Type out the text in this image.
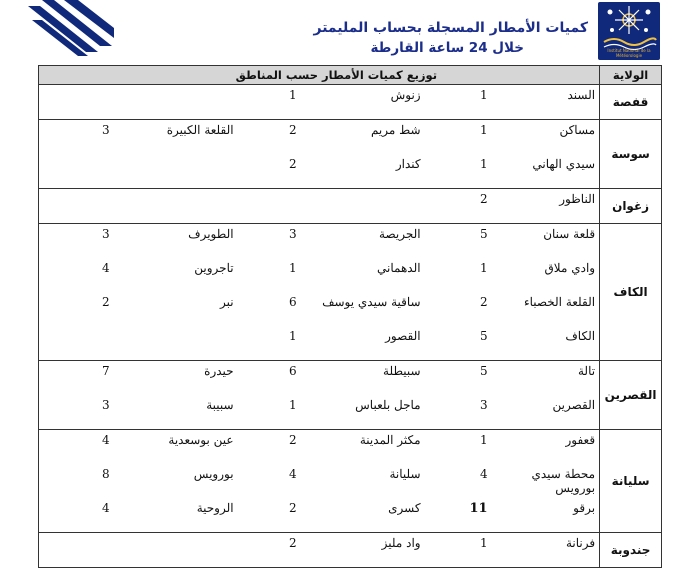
Institut National de la Météorologie
كميات الأمطار المسجلة بحساب المليمتر
خلال 24 ساعة القارطة
الولاية	توزيع كميات الأمطار حسب المناطق					
قفصة	السند	1	زنوش	1		
سوسة	مساكن	1	شط مريم	2	القلعة الكبيرة	3
	سيدي الهاني	1	كندار	2		
زغوان	الناظور	2				
الكاف	قلعة سنان	5	الجريصة	3	الطويرف	3
	وادي ملاق	1	الدهماني	1	تاجروين	4
	القلعة الخصباء	2	ساقية سيدي يوسف	6	نبر	2
	الكاف	5	القصور	1		
القصرين	تالة	5	سبيطلة	6	حيدرة	7
	القصرين	3	ماجل بلعباس	1	سبيبة	3
سليانة	قعفور	1	مكثر المدينة	2	عين بوسعدية	4
	محطة سيدي بورويس	4	سليانة	4	بورويس	8
	برقو	11	كسرى	2	الروحية	4
جندوبة	فرنانة	1	واد مليز	2		
